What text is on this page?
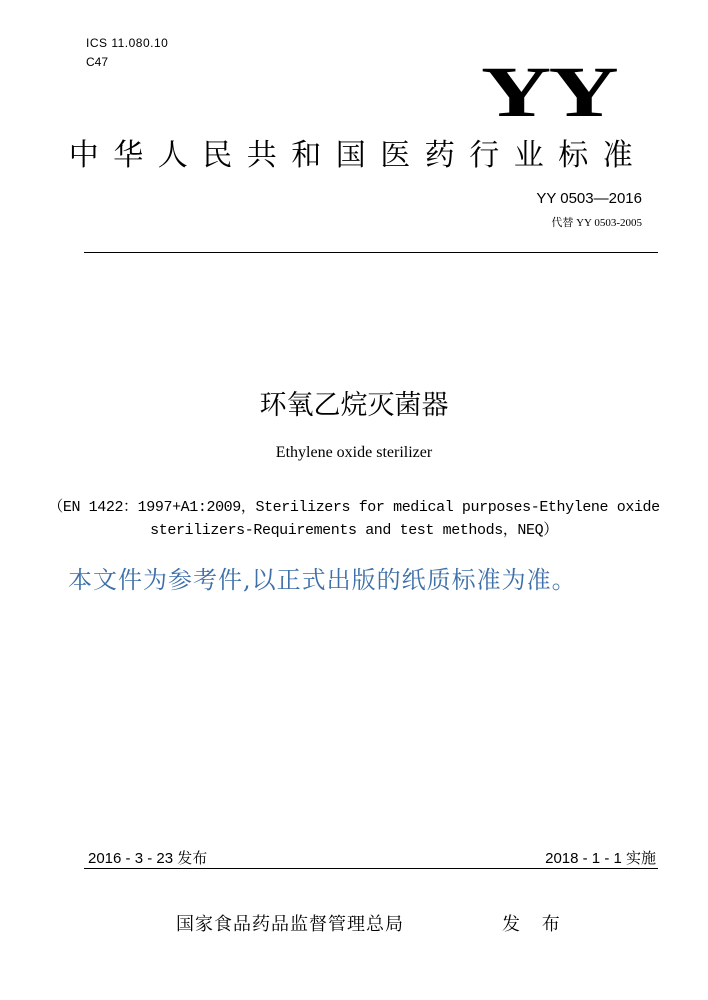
ICS 11.080.10
C47	YY
中华人民共和国医药行业标准
YY 0503—2016
代替 YY 0503-2005
环氧乙烷灭菌器
Ethylene oxide sterilizer
（EN 1422：1997+A1:2009，Sterilizers for medical purposes-Ethylene oxide
sterilizers-Requirements and test methods，NEQ）
本文件为参考件,以正式出版的纸质标准为准。
2016 - 3 - 23 发布	2018 - 1 - 1 实施
国家食品药品监督管理总局	发 布
